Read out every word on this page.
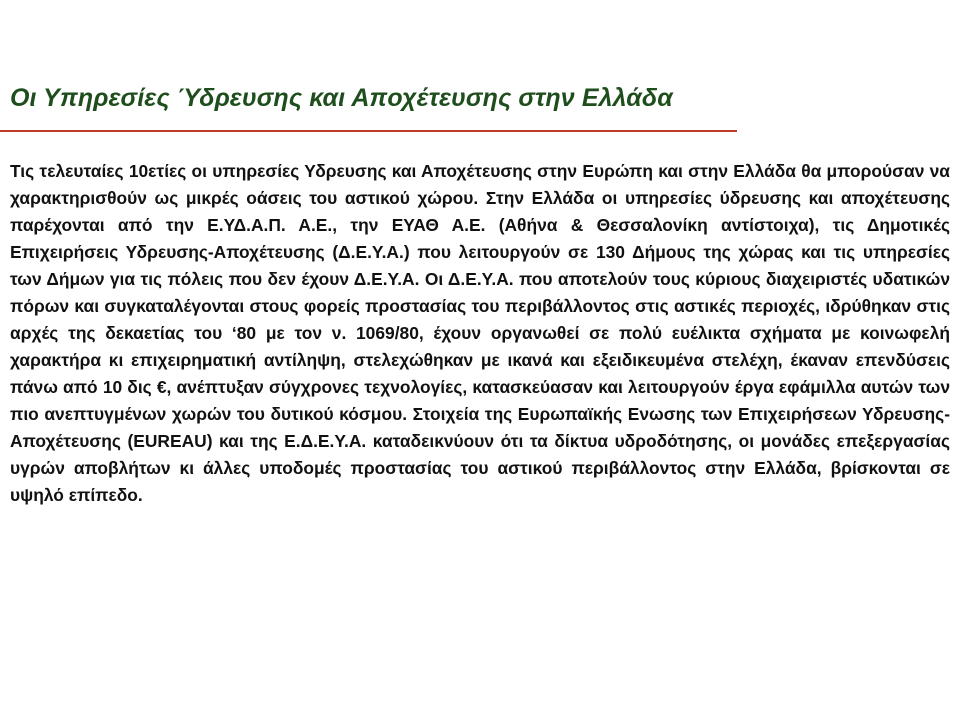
Οι Υπηρεσίες Ύδρευσης και Αποχέτευσης στην Ελλάδα

Τις τελευταίες 10ετίες οι υπηρεσίες Υδρευσης και Αποχέτευσης στην Ευρώπη και στην Ελλάδα θα μπορούσαν να χαρακτηρισθούν ως μικρές οάσεις του αστικού χώρου. Στην Ελλάδα οι υπηρεσίες ύδρευσης και αποχέτευσης παρέχονται από την Ε.ΥΔ.Α.Π. Α.Ε., την ΕΥΑΘ Α.Ε. (Αθήνα & Θεσσαλονίκη αντίστοιχα), τις Δημοτικές Επιχειρήσεις Υδρευσης-Αποχέτευσης (Δ.Ε.Υ.Α.) που λειτουργούν σε 130 Δήμους της χώρας και τις υπηρεσίες των Δήμων για τις πόλεις που δεν έχουν Δ.Ε.Υ.Α. Οι Δ.Ε.Υ.Α. που αποτελούν τους κύριους διαχειριστές υδατικών πόρων και συγκαταλέγονται στους φορείς προστασίας του περιβάλλοντος στις αστικές περιοχές, ιδρύθηκαν στις αρχές της δεκαετίας του ‘80 με τον ν. 1069/80, έχουν οργανωθεί σε πολύ ευέλικτα σχήματα με κοινωφελή χαρακτήρα κι επιχειρηματική αντίληψη, στελεχώθηκαν με ικανά και εξειδικευμένα στελέχη, έκαναν επενδύσεις πάνω από 10 δις €, ανέπτυξαν σύγχρονες τεχνολογίες, κατασκεύασαν και λειτουργούν έργα εφάμιλλα αυτών των πιο ανεπτυγμένων χωρών του δυτικού κόσμου. Στοιχεία της Ευρωπαϊκής Ενωσης των Επιχειρήσεων Υδρευσης-Αποχέτευσης (EUREAU) και της Ε.Δ.Ε.Υ.Α. καταδεικνύουν ότι τα δίκτυα υδροδότησης, οι μονάδες επεξεργασίας υγρών αποβλήτων κι άλλες υποδομές προστασίας του αστικού περιβάλλοντος στην Ελλάδα, βρίσκονται σε υψηλό επίπεδο.
